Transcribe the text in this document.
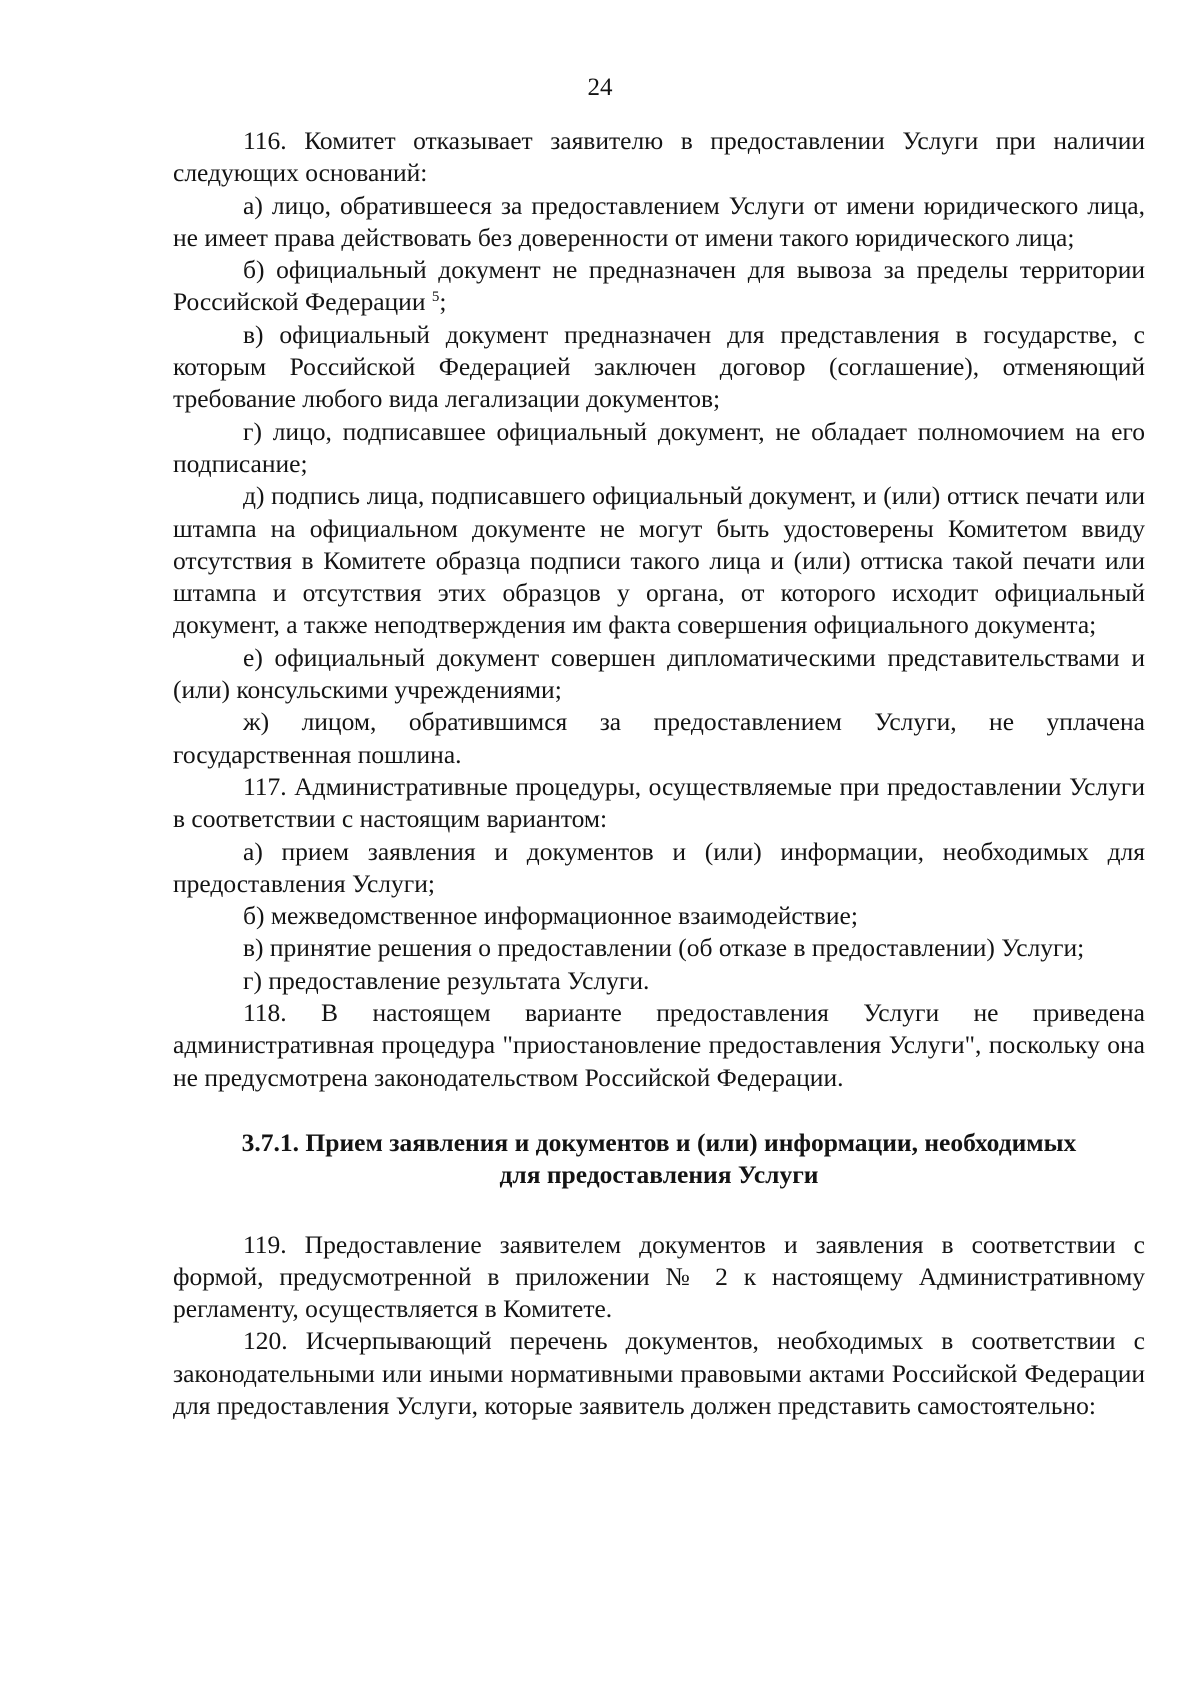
24

116. Комитет отказывает заявителю в предоставлении Услуги при наличии следующих оснований:

а) лицо, обратившееся за предоставлением Услуги от имени юридического лица, не имеет права действовать без доверенности от имени такого юридического лица;

б) официальный документ не предназначен для вывоза за пределы территории Российской Федерации $^5$;

в) официальный документ предназначен для представления в государстве, с которым Российской Федерацией заключен договор (соглашение), отменяющий требование любого вида легализации документов;

г) лицо, подписавшее официальный документ, не обладает полномочием на его подписание;

д) подпись лица, подписавшего официальный документ, и (или) оттиск печати или штампа на официальном документе не могут быть удостоверены Комитетом ввиду отсутствия в Комитете образца подписи такого лица и (или) оттиска такой печати или штампа и отсутствия этих образцов у органа, от которого исходит официальный документ, а также неподтверждения им факта совершения официального документа;

е) официальный документ совершен дипломатическими представительствами и (или) консульскими учреждениями;

ж) лицом, обратившимся за предоставлением Услуги, не уплачена государственная пошлина.

117. Административные процедуры, осуществляемые при предоставлении Услуги в соответствии с настоящим вариантом:

а) прием заявления и документов и (или) информации, необходимых для предоставления Услуги;

б) межведомственное информационное взаимодействие;

в) принятие решения о предоставлении (об отказе в предоставлении) Услуги;

г) предоставление результата Услуги.

118. В настоящем варианте предоставления Услуги не приведена административная процедура "приостановление предоставления Услуги", поскольку она не предусмотрена законодательством Российской Федерации.

3.7.1. Прием заявления и документов и (или) информации, необходимых
для предоставления Услуги

119. Предоставление заявителем документов и заявления в соответствии с формой, предусмотренной в приложении № 2 к настоящему Административному регламенту, осуществляется в Комитете.

120. Исчерпывающий перечень документов, необходимых в соответствии с законодательными или иными нормативными правовыми актами Российской Федерации для предоставления Услуги, которые заявитель должен представить самостоятельно:
